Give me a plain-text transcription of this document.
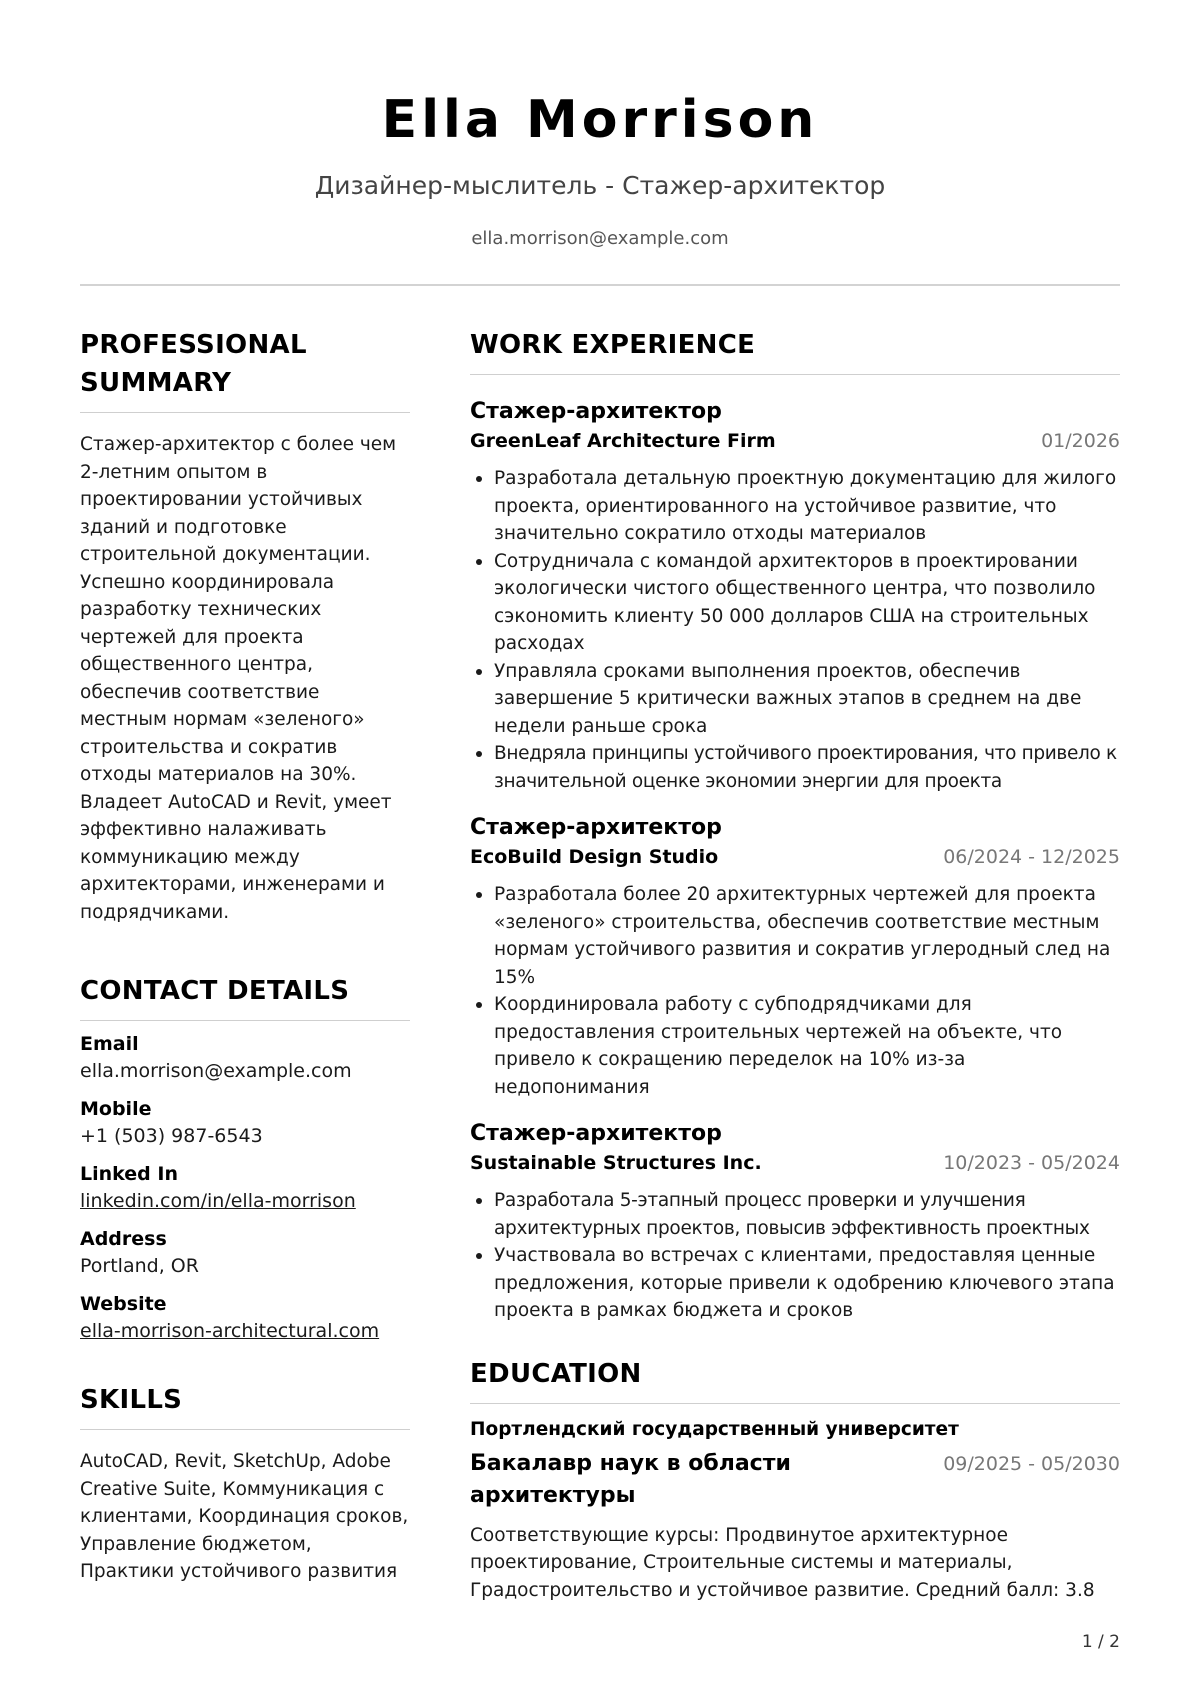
Ella Morrison
Дизайнер-мыслитель - Стажер-архитектор
ella.morrison@example.com
PROFESSIONAL SUMMARY
Стажер-архитектор с более чем 2-летним опытом в проектировании устойчивых зданий и подготовке строительной документации. Успешно координировала разработку технических чертежей для проекта общественного центра, обеспечив соответствие местным нормам «зеленого» строительства и сократив отходы материалов на 30%. Владеет AutoCAD и Revit, умеет эффективно налаживать коммуникацию между архитекторами, инженерами и подрядчиками.
CONTACT DETAILS
Email
ella.morrison@example.com
Mobile
+1 (503) 987-6543
Linked In
linkedin.com/in/ella-morrison
Address
Portland, OR
Website
ella-morrison-architectural.com
SKILLS
AutoCAD, Revit, SketchUp, Adobe Creative Suite, Коммуникация с клиентами, Координация сроков, Управление бюджетом, Практики устойчивого развития
WORK EXPERIENCE
Стажер-архитектор
GreenLeaf Architecture Firm	01/2026
Разработала детальную проектную документацию для жилого проекта, ориентированного на устойчивое развитие, что значительно сократило отходы материалов
Сотрудничала с командой архитекторов в проектировании экологически чистого общественного центра, что позволило сэкономить клиенту 50 000 долларов США на строительных расходах
Управляла сроками выполнения проектов, обеспечив завершение 5 критически важных этапов в среднем на две недели раньше срока
Внедряла принципы устойчивого проектирования, что привело к значительной оценке экономии энергии для проекта
Стажер-архитектор
EcoBuild Design Studio	06/2024 - 12/2025
Разработала более 20 архитектурных чертежей для проекта «зеленого» строительства, обеспечив соответствие местным нормам устойчивого развития и сократив углеродный след на 15%
Координировала работу с субподрядчиками для предоставления строительных чертежей на объекте, что привело к сокращению переделок на 10% из-за недопонимания
Стажер-архитектор
Sustainable Structures Inc.	10/2023 - 05/2024
Разработала 5-этапный процесс проверки и улучшения архитектурных проектов, повысив эффективность проектных
Участвовала во встречах с клиентами, предоставляя ценные предложения, которые привели к одобрению ключевого этапа проекта в рамках бюджета и сроков
EDUCATION
Портлендский государственный университет
Бакалавр наук в области архитектуры
09/2025 - 05/2030
Соответствующие курсы: Продвинутое архитектурное проектирование, Строительные системы и материалы, Градостроительство и устойчивое развитие. Средний балл: 3.8
1 / 2
